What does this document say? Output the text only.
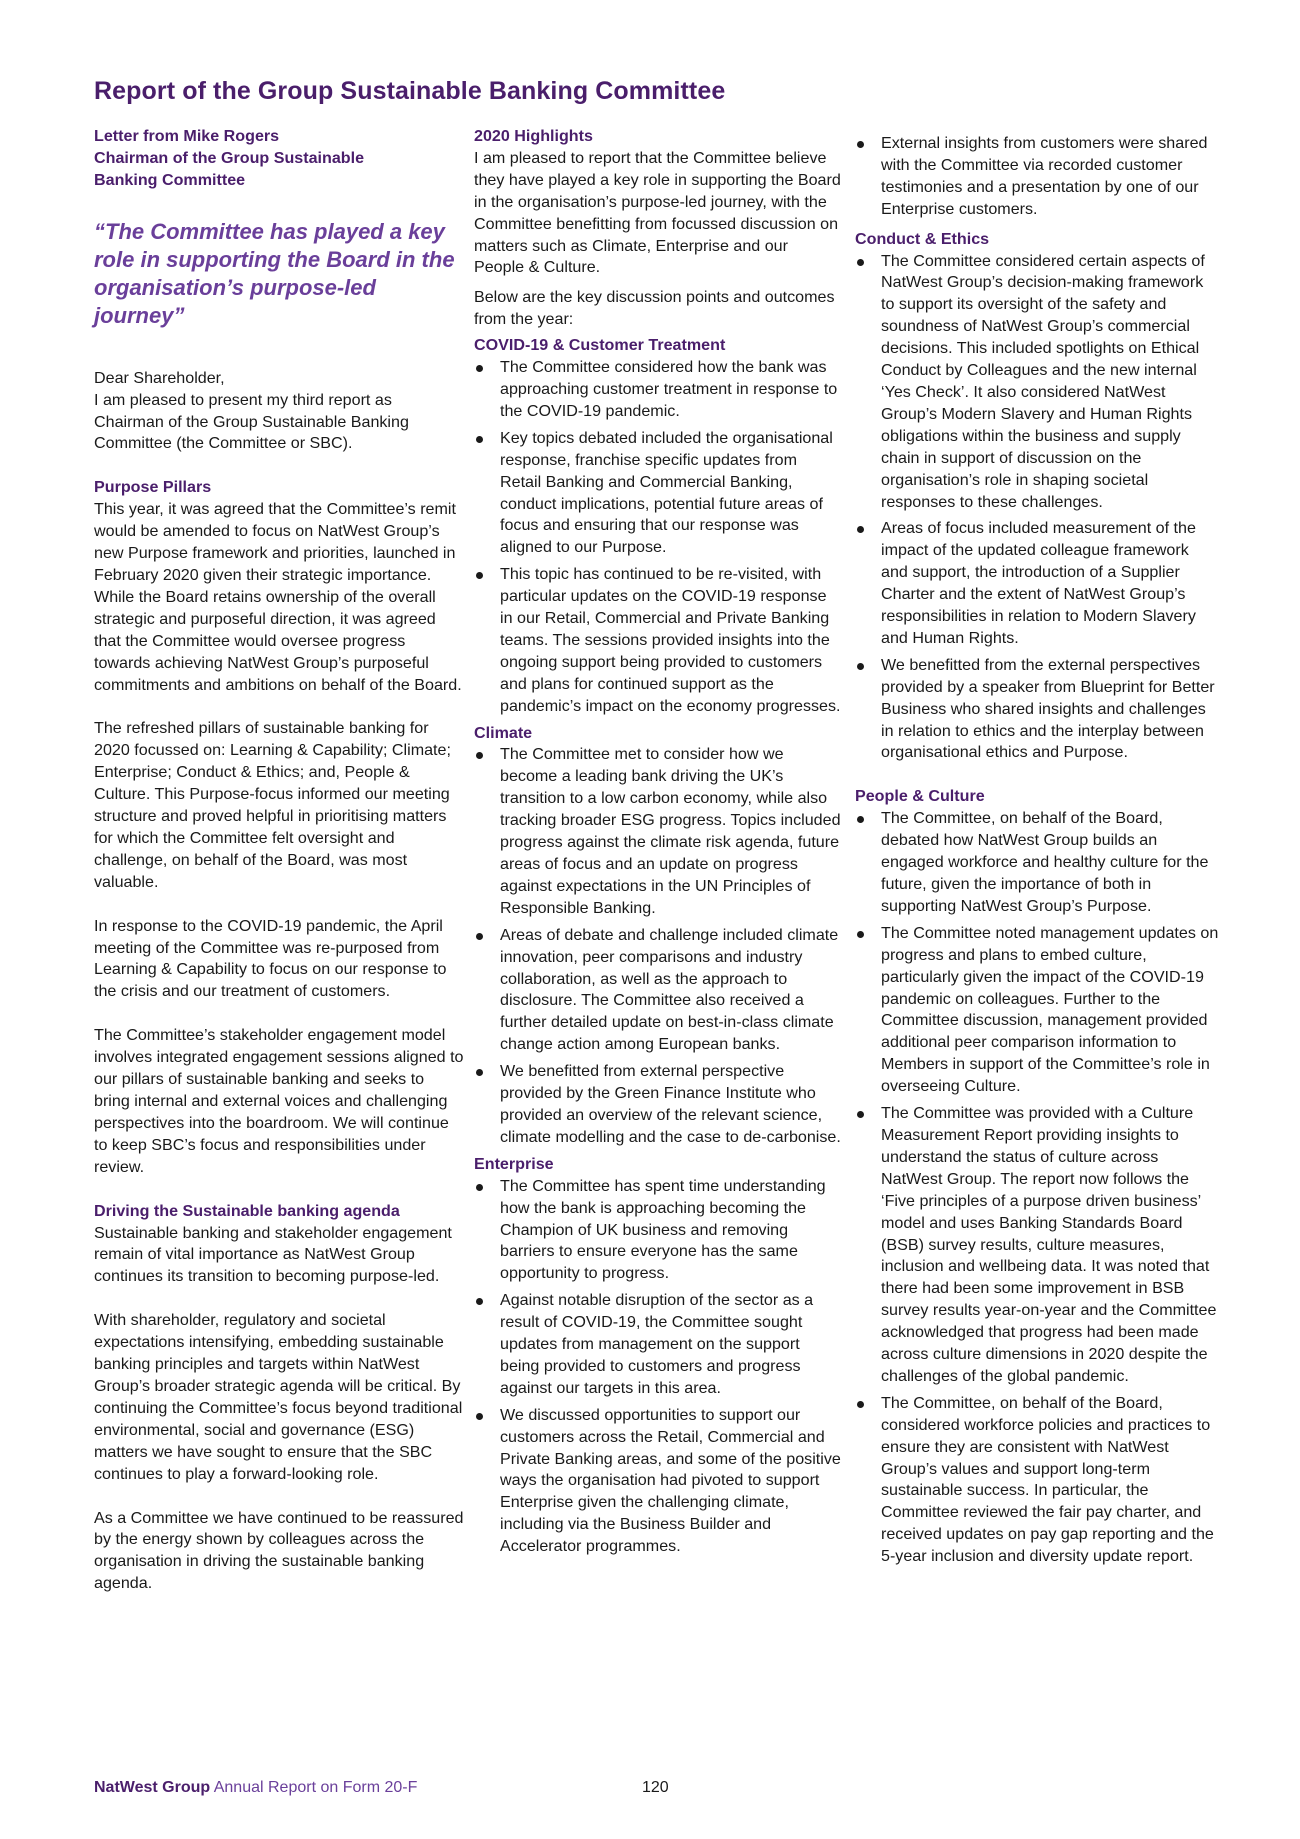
Report of the Group Sustainable Banking Committee

Letter from Mike Rogers

Chairman of the Group Sustainable

Banking Committee

“The Committee has played a key role in supporting the Board in the organisation’s purpose-led journey”

Dear Shareholder,

I am pleased to present my third report as Chairman of the Group Sustainable Banking Committee (the Committee or SBC).

Purpose Pillars

This year, it was agreed that the Committee’s remit would be amended to focus on NatWest Group’s new Purpose framework and priorities, launched in February 2020 given their strategic importance. While the Board retains ownership of the overall strategic and purposeful direction, it was agreed that the Committee would oversee progress towards achieving NatWest Group’s purposeful commitments and ambitions on behalf of the Board.

The refreshed pillars of sustainable banking for 2020 focussed on: Learning & Capability; Climate; Enterprise; Conduct & Ethics; and, People & Culture. This Purpose-focus informed our meeting structure and proved helpful in prioritising matters for which the Committee felt oversight and challenge, on behalf of the Board, was most valuable.

In response to the COVID-19 pandemic, the April meeting of the Committee was re-purposed from Learning & Capability to focus on our response to the crisis and our treatment of customers.

The Committee’s stakeholder engagement model involves integrated engagement sessions aligned to our pillars of sustainable banking and seeks to bring internal and external voices and challenging perspectives into the boardroom. We will continue to keep SBC’s focus and responsibilities under review.

Driving the Sustainable banking agenda

Sustainable banking and stakeholder engagement remain of vital importance as NatWest Group continues its transition to becoming purpose-led.

With shareholder, regulatory and societal expectations intensifying, embedding sustainable banking principles and targets within NatWest Group’s broader strategic agenda will be critical. By continuing the Committee’s focus beyond traditional environmental, social and governance (ESG) matters we have sought to ensure that the SBC continues to play a forward-looking role.

As a Committee we have continued to be reassured by the energy shown by colleagues across the organisation in driving the sustainable banking agenda.

2020 Highlights

I am pleased to report that the Committee believe they have played a key role in supporting the Board in the organisation’s purpose-led journey, with the Committee benefitting from focussed discussion on matters such as Climate, Enterprise and our People & Culture.

Below are the key discussion points and outcomes from the year:

COVID-19 & Customer Treatment

The Committee considered how the bank was approaching customer treatment in response to the COVID-19 pandemic.
Key topics debated included the organisational response, franchise specific updates from Retail Banking and Commercial Banking, conduct implications, potential future areas of focus and ensuring that our response was aligned to our Purpose.
This topic has continued to be re-visited, with particular updates on the COVID-19 response in our Retail, Commercial and Private Banking teams. The sessions provided insights into the ongoing support being provided to customers and plans for continued support as the pandemic’s impact on the economy progresses.

Climate

The Committee met to consider how we become a leading bank driving the UK’s transition to a low carbon economy, while also tracking broader ESG progress. Topics included progress against the climate risk agenda, future areas of focus and an update on progress against expectations in the UN Principles of Responsible Banking.
Areas of debate and challenge included climate innovation, peer comparisons and industry collaboration, as well as the approach to disclosure. The Committee also received a further detailed update on best-in-class climate change action among European banks.
We benefitted from external perspective provided by the Green Finance Institute who provided an overview of the relevant science, climate modelling and the case to de-carbonise.

Enterprise

The Committee has spent time understanding how the bank is approaching becoming the Champion of UK business and removing barriers to ensure everyone has the same opportunity to progress.
Against notable disruption of the sector as a result of COVID-19, the Committee sought updates from management on the support being provided to customers and progress against our targets in this area.
We discussed opportunities to support our customers across the Retail, Commercial and Private Banking areas, and some of the positive ways the organisation had pivoted to support Enterprise given the challenging climate, including via the Business Builder and Accelerator programmes.
External insights from customers were shared with the Committee via recorded customer testimonies and a presentation by one of our Enterprise customers.

Conduct & Ethics

The Committee considered certain aspects of NatWest Group’s decision-making framework to support its oversight of the safety and soundness of NatWest Group’s commercial decisions. This included spotlights on Ethical Conduct by Colleagues and the new internal ‘Yes Check’. It also considered NatWest Group’s Modern Slavery and Human Rights obligations within the business and supply chain in support of discussion on the organisation’s role in shaping societal responses to these challenges.
Areas of focus included measurement of the impact of the updated colleague framework and support, the introduction of a Supplier Charter and the extent of NatWest Group’s responsibilities in relation to Modern Slavery and Human Rights.
We benefitted from the external perspectives provided by a speaker from Blueprint for Better Business who shared insights and challenges in relation to ethics and the interplay between organisational ethics and Purpose.

People & Culture

The Committee, on behalf of the Board, debated how NatWest Group builds an engaged workforce and healthy culture for the future, given the importance of both in supporting NatWest Group’s Purpose.
The Committee noted management updates on progress and plans to embed culture, particularly given the impact of the COVID-19 pandemic on colleagues. Further to the Committee discussion, management provided additional peer comparison information to Members in support of the Committee’s role in overseeing Culture.
The Committee was provided with a Culture Measurement Report providing insights to understand the status of culture across NatWest Group. The report now follows the ‘Five principles of a purpose driven business’ model and uses Banking Standards Board (BSB) survey results, culture measures, inclusion and wellbeing data. It was noted that there had been some improvement in BSB survey results year-on-year and the Committee acknowledged that progress had been made across culture dimensions in 2020 despite the challenges of the global pandemic.
The Committee, on behalf of the Board, considered workforce policies and practices to ensure they are consistent with NatWest Group’s values and support long-term sustainable success. In particular, the Committee reviewed the fair pay charter, and received updates on pay gap reporting and the 5-year inclusion and diversity update report.
NatWest Group Annual Report on Form 20-F	120
